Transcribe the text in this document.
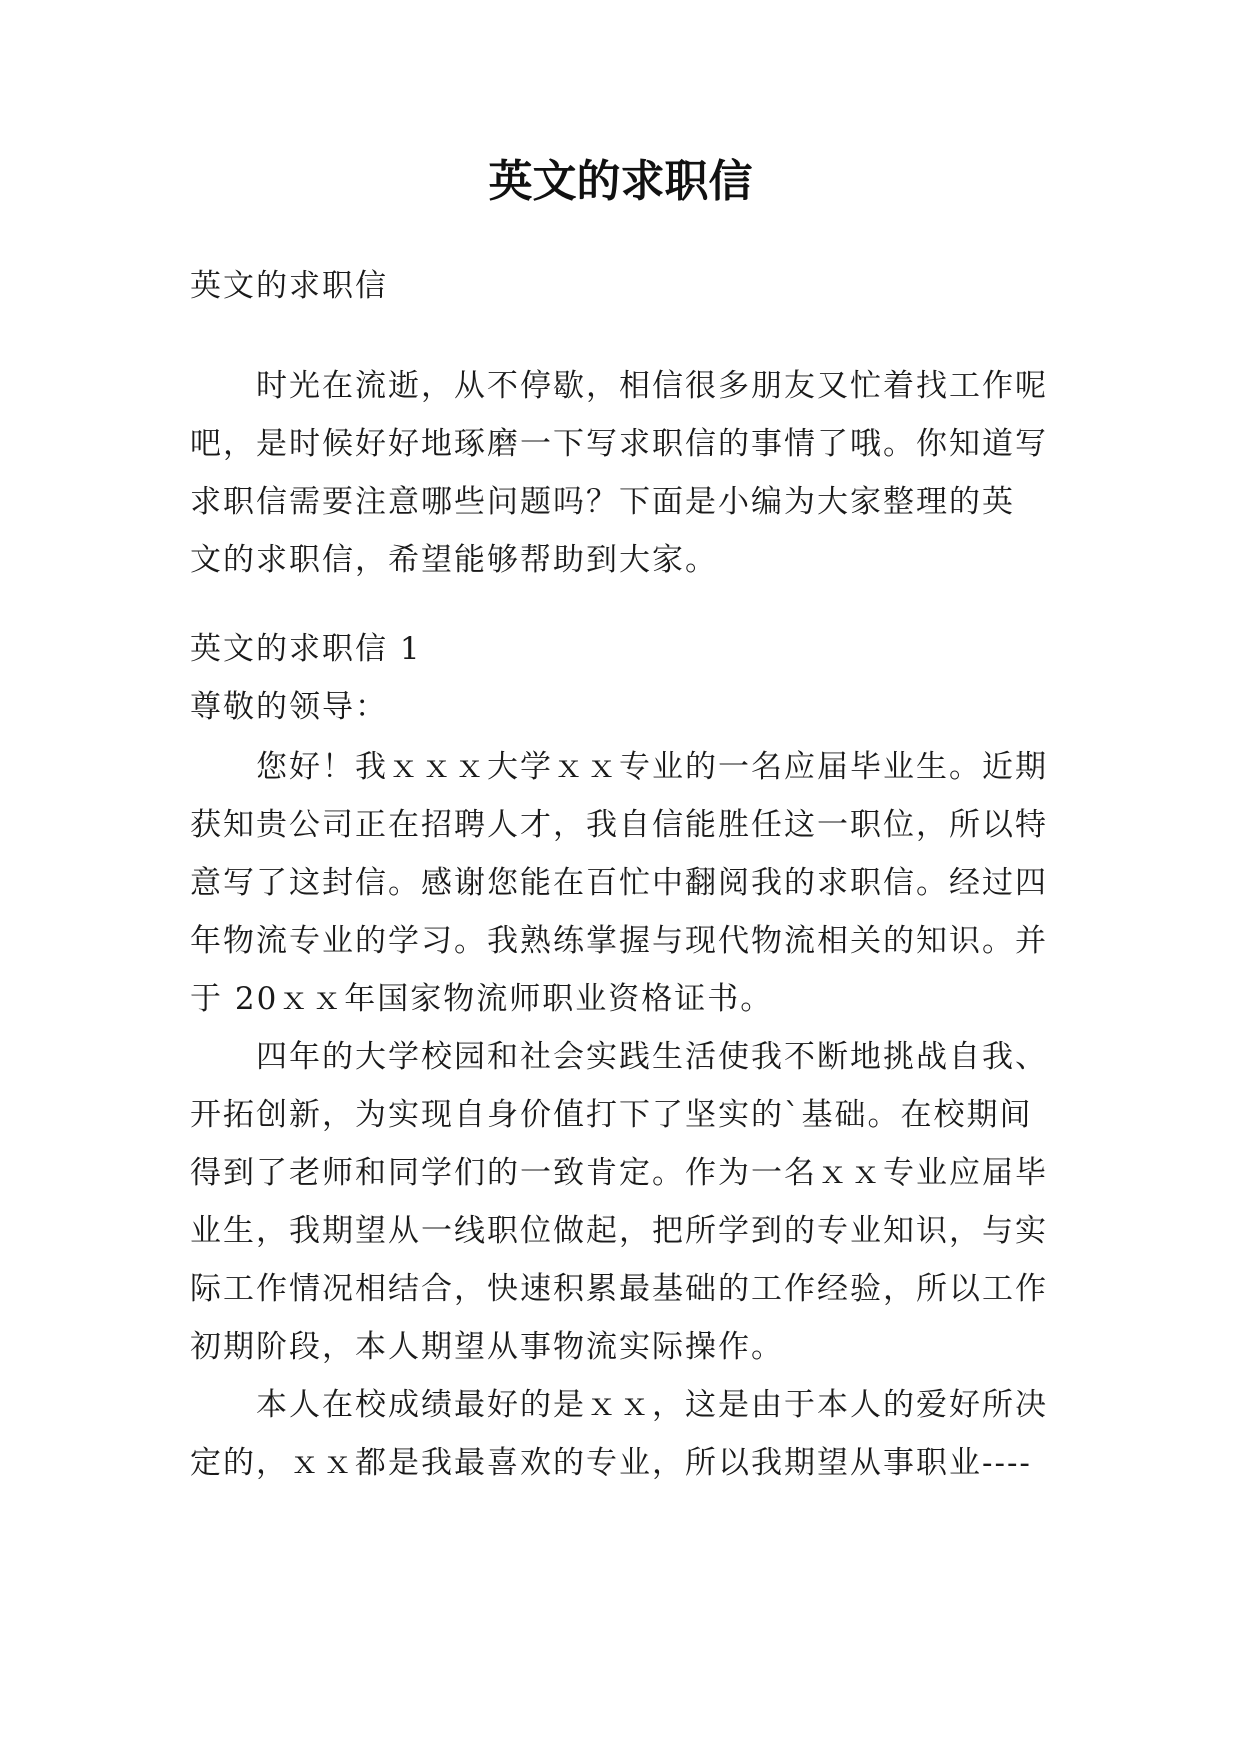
英文的求职信

英文的求职信

时光在流逝，从不停歇，相信很多朋友又忙着找工作呢
吧，是时候好好地琢磨一下写求职信的事情了哦。你知道写
求职信需要注意哪些问题吗？下面是小编为大家整理的英
文的求职信，希望能够帮助到大家。

英文的求职信 1
尊敬的领导：

您好！我ｘｘｘ大学ｘｘ专业的一名应届毕业生。近期
获知贵公司正在招聘人才，我自信能胜任这一职位，所以特
意写了这封信。感谢您能在百忙中翻阅我的求职信。经过四
年物流专业的学习。我熟练掌握与现代物流相关的知识。并
于 20ｘｘ年国家物流师职业资格证书。

四年的大学校园和社会实践生活使我不断地挑战自我、
开拓创新，为实现自身价值打下了坚实的`基础。在校期间
得到了老师和同学们的一致肯定。作为一名ｘｘ专业应届毕
业生，我期望从一线职位做起，把所学到的专业知识，与实
际工作情况相结合，快速积累最基础的工作经验，所以工作
初期阶段，本人期望从事物流实际操作。

本人在校成绩最好的是ｘｘ，这是由于本人的爱好所决
定的，ｘｘ都是我最喜欢的专业，所以我期望从事职业----
